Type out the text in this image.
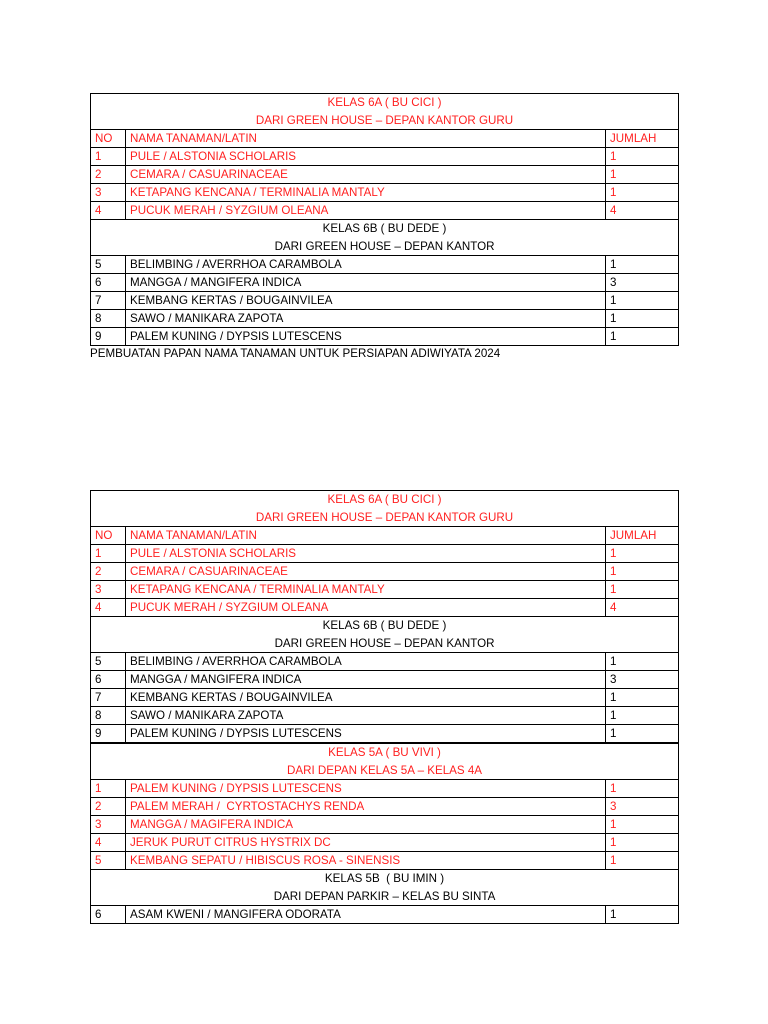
KELAS 6A ( BU CICI )
DARI GREEN HOUSE – DEPAN KANTOR GURU		

NO	NAMA TANAMAN/LATIN	JUMLAH
1	PULE / ALSTONIA SCHOLARIS	1
2	CEMARA / CASUARINACEAE	1
3	KETAPANG KENCANA / TERMINALIA MANTALY	1
4	PUCUK MERAH / SYZGIUM OLEANA	4

KELAS 6B ( BU DEDE )
DARI GREEN HOUSE – DEPAN KANTOR		

5	BELIMBING / AVERRHOA CARAMBOLA	1
6	MANGGA / MANGIFERA INDICA	3
7	KEMBANG KERTAS / BOUGAINVILEA	1
8	SAWO / MANIKARA ZAPOTA	1
9	PALEM KUNING / DYPSIS LUTESCENS	1
PEMBUATAN PAPAN NAMA TANAMAN UNTUK PERSIAPAN ADIWIYATA 2024
KELAS 6A ( BU CICI )
DARI GREEN HOUSE – DEPAN KANTOR GURU		

NO	NAMA TANAMAN/LATIN	JUMLAH
1	PULE / ALSTONIA SCHOLARIS	1
2	CEMARA / CASUARINACEAE	1
3	KETAPANG KENCANA / TERMINALIA MANTALY	1
4	PUCUK MERAH / SYZGIUM OLEANA	4

KELAS 6B ( BU DEDE )
DARI GREEN HOUSE – DEPAN KANTOR		

5	BELIMBING / AVERRHOA CARAMBOLA	1
6	MANGGA / MANGIFERA INDICA	3
7	KEMBANG KERTAS / BOUGAINVILEA	1
8	SAWO / MANIKARA ZAPOTA	1
9	PALEM KUNING / DYPSIS LUTESCENS	1

KELAS 5A ( BU VIVI )
DARI DEPAN KELAS 5A – KELAS 4A		

1	PALEM KUNING / DYPSIS LUTESCENS	1
2	PALEM MERAH /  CYRTOSTACHYS RENDA	3
3	MANGGA / MAGIFERA INDICA	1
4	JERUK PURUT CITRUS HYSTRIX DC	1
5	KEMBANG SEPATU / HIBISCUS ROSA - SINENSIS	1

KELAS 5B  ( BU IMIN )
DARI DEPAN PARKIR – KELAS BU SINTA		

6	ASAM KWENI / MANGIFERA ODORATA	1
